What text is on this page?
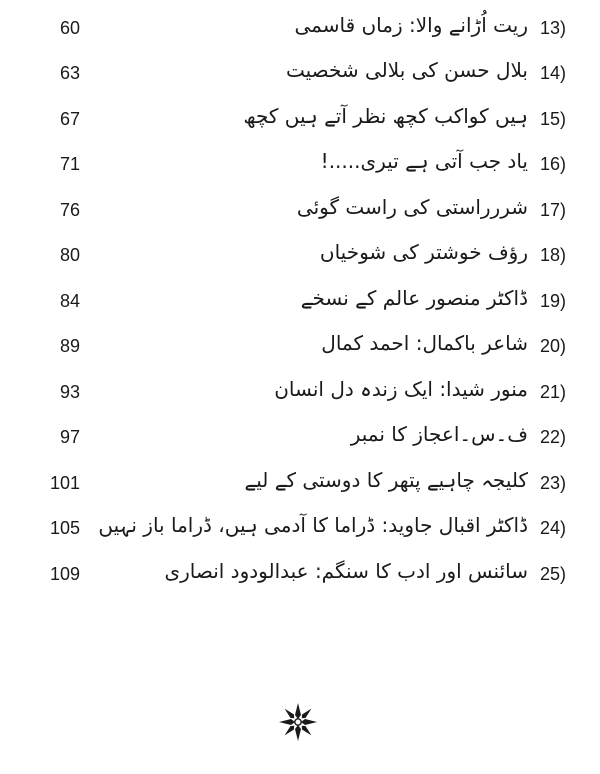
60	ریت اُڑانے والا: زماں قاسمی 13)
63	بلال حسن کی بلالی شخصیت 14)
67	ہیں کواکب کچھ نظر آتے ہیں کچھ 15)
71	یاد جب آتی ہے تیری.....! 16)
76	شررراستی کی راست گوئی 17)
80	رؤف خوشتر کی شوخیاں 18)
84	ڈاکٹر منصور عالم کے نسخے 19)
89	شاعر باکمال: احمد کمال 20)
93	منور شیدا: ایک زندہ دل انسان 21)
97	ف۔س۔اعجاز کا نمبر 22)
101	کلیجہ چاہیے پتھر کا دوستی کے لیے 23)
105 ڈاکٹر اقبال جاوید: ڈراما کا آدمی ہیں، ڈراما باز نہیں 24)
109	سائنس اور ادب کا سنگم: عبدالودود انصاری 25)
